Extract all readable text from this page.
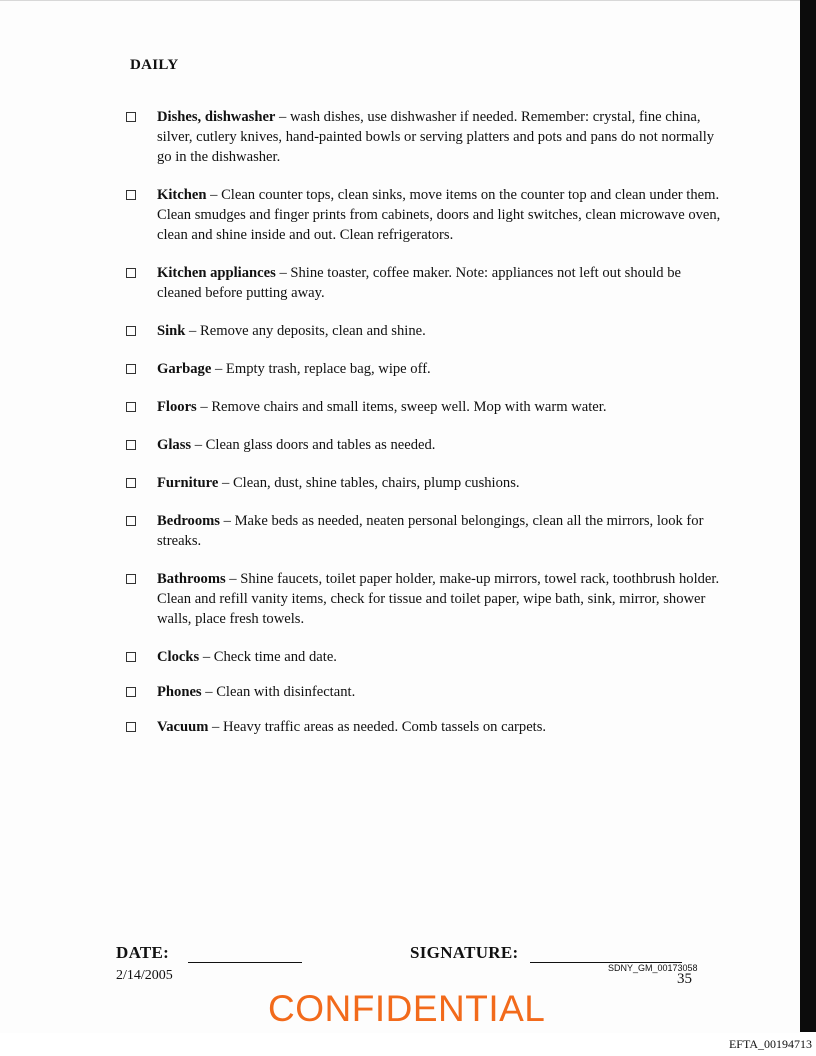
DAILY
Dishes, dishwasher – wash dishes, use dishwasher if needed. Remember: crystal, fine china, silver, cutlery knives, hand-painted bowls or serving platters and pots and pans do not normally go in the dishwasher.
Kitchen – Clean counter tops, clean sinks, move items on the counter top and clean under them. Clean smudges and finger prints from cabinets, doors and light switches, clean microwave oven, clean and shine inside and out. Clean refrigerators.
Kitchen appliances – Shine toaster, coffee maker. Note: appliances not left out should be cleaned before putting away.
Sink – Remove any deposits, clean and shine.
Garbage – Empty trash, replace bag, wipe off.
Floors – Remove chairs and small items, sweep well. Mop with warm water.
Glass – Clean glass doors and tables as needed.
Furniture – Clean, dust, shine tables, chairs, plump cushions.
Bedrooms – Make beds as needed, neaten personal belongings, clean all the mirrors, look for streaks.
Bathrooms – Shine faucets, toilet paper holder, make-up mirrors, towel rack, toothbrush holder. Clean and refill vanity items, check for tissue and toilet paper, wipe bath, sink, mirror, shower walls, place fresh towels.
Clocks – Check time and date.
Phones – Clean with disinfectant.
Vacuum – Heavy traffic areas as needed. Comb tassels on carpets.
DATE:
2/14/2005
SIGNATURE:
SDNY_GM_00173058
35
CONFIDENTIAL
EFTA_00194713
